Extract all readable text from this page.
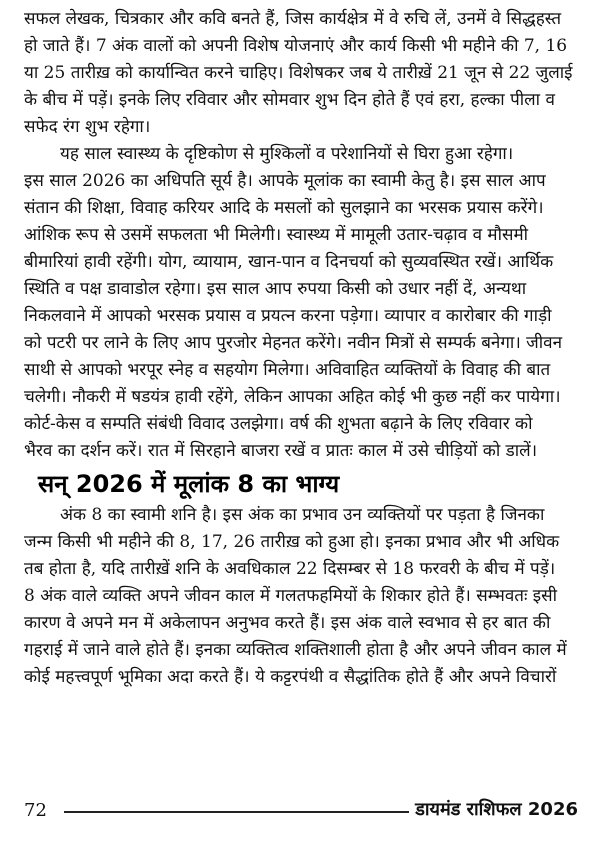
सफल लेखक, चित्रकार और कवि बनते हैं, जिस कार्यक्षेत्र में वे रुचि लें, उनमें वे सिद्धहस्त
हो जाते हैं। 7 अंक वालों को अपनी विशेष योजनाएं और कार्य किसी भी महीने की 7, 16
या 25 तारीख़ को कार्यान्वित करने चाहिए। विशेषकर जब ये तारीख़ें 21 जून से 22 जुलाई
के बीच में पड़ें। इनके लिए रविवार और सोमवार शुभ दिन होते हैं एवं हरा, हल्का पीला व
सफेद रंग शुभ रहेगा।

यह साल स्वास्थ्य के दृष्टिकोण से मुश्किलों व परेशानियों से घिरा हुआ रहेगा।
इस साल 2026 का अधिपति सूर्य है। आपके मूलांक का स्वामी केतु है। इस साल आप
संतान की शिक्षा, विवाह करियर आदि के मसलों को सुलझाने का भरसक प्रयास करेंगे।
आंशिक रूप से उसमें सफलता भी मिलेगी। स्वास्थ्य में मामूली उतार-चढ़ाव व मौसमी
बीमारियां हावी रहेंगी। योग, व्यायाम, खान-पान व दिनचर्या को सुव्यवस्थित रखें। आर्थिक
स्थिति व पक्ष डावाडोल रहेगा। इस साल आप रुपया किसी को उधार नहीं दें, अन्यथा
निकलवाने में आपको भरसक प्रयास व प्रयत्न करना पड़ेगा। व्यापार व कारोबार की गाड़ी
को पटरी पर लाने के लिए आप पुरजोर मेहनत करेंगे। नवीन मित्रों से सम्पर्क बनेगा। जीवन
साथी से आपको भरपूर स्नेह व सहयोग मिलेगा। अविवाहित व्यक्तियों के विवाह की बात
चलेगी। नौकरी में षडयंत्र हावी रहेंगे, लेकिन आपका अहित कोई भी कुछ नहीं कर पायेगा।
कोर्ट-केस व सम्पति संबंधी विवाद उलझेगा। वर्ष की शुभता बढ़ाने के लिए रविवार को
भैरव का दर्शन करें। रात में सिरहाने बाजरा रखें व प्रातः काल में उसे चीड़ियों को डालें।

सन् 2026 में मूलांक 8 का भाग्य

अंक 8 का स्वामी शनि है। इस अंक का प्रभाव उन व्यक्तियों पर पड़ता है जिनका
जन्म किसी भी महीने की 8, 17, 26 तारीख़ को हुआ हो। इनका प्रभाव और भी अधिक
तब होता है, यदि तारीख़ें शनि के अवधिकाल 22 दिसम्बर से 18 फरवरी के बीच में पड़ें।
8 अंक वाले व्यक्ति अपने जीवन काल में गलतफहमियों के शिकार होते हैं। सम्भवतः इसी
कारण वे अपने मन में अकेलापन अनुभव करते हैं। इस अंक वाले स्वभाव से हर बात की
गहराई में जाने वाले होते हैं। इनका व्यक्तित्व शक्तिशाली होता है और अपने जीवन काल में
कोई महत्त्वपूर्ण भूमिका अदा करते हैं। ये कट्टरपंथी व सैद्धांतिक होते हैं और अपने विचारों

72	डायमंड राशिफल 2026
